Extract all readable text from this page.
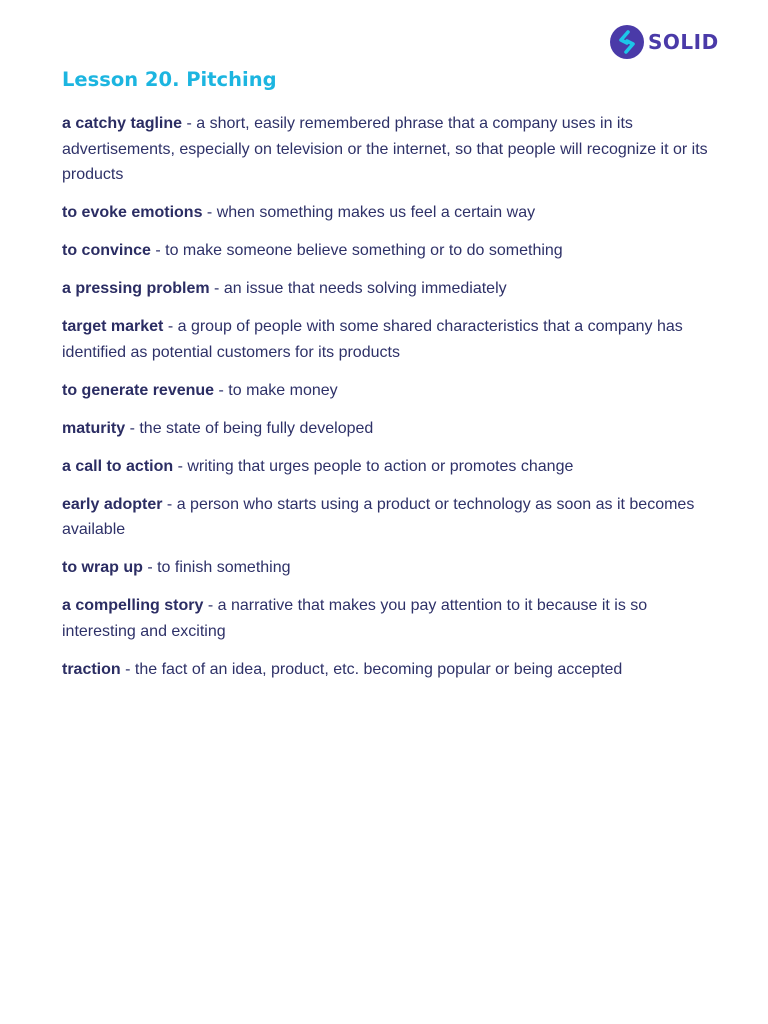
SOLID
Lesson 20. Pitching
a catchy tagline - a short, easily remembered phrase that a company uses in its advertisements, especially on television or the internet, so that people will recognize it or its products
to evoke emotions - when something makes us feel a certain way
to convince - to make someone believe something or to do something
a pressing problem - an issue that needs solving immediately
target market - a group of people with some shared characteristics that a company has identified as potential customers for its products
to generate revenue - to make money
maturity - the state of being fully developed
a call to action - writing that urges people to action or promotes change
early adopter - a person who starts using a product or technology as soon as it becomes available
to wrap up - to finish something
a compelling story - a narrative that makes you pay attention to it because it is so interesting and exciting
traction - the fact of an idea, product, etc. becoming popular or being accepted
